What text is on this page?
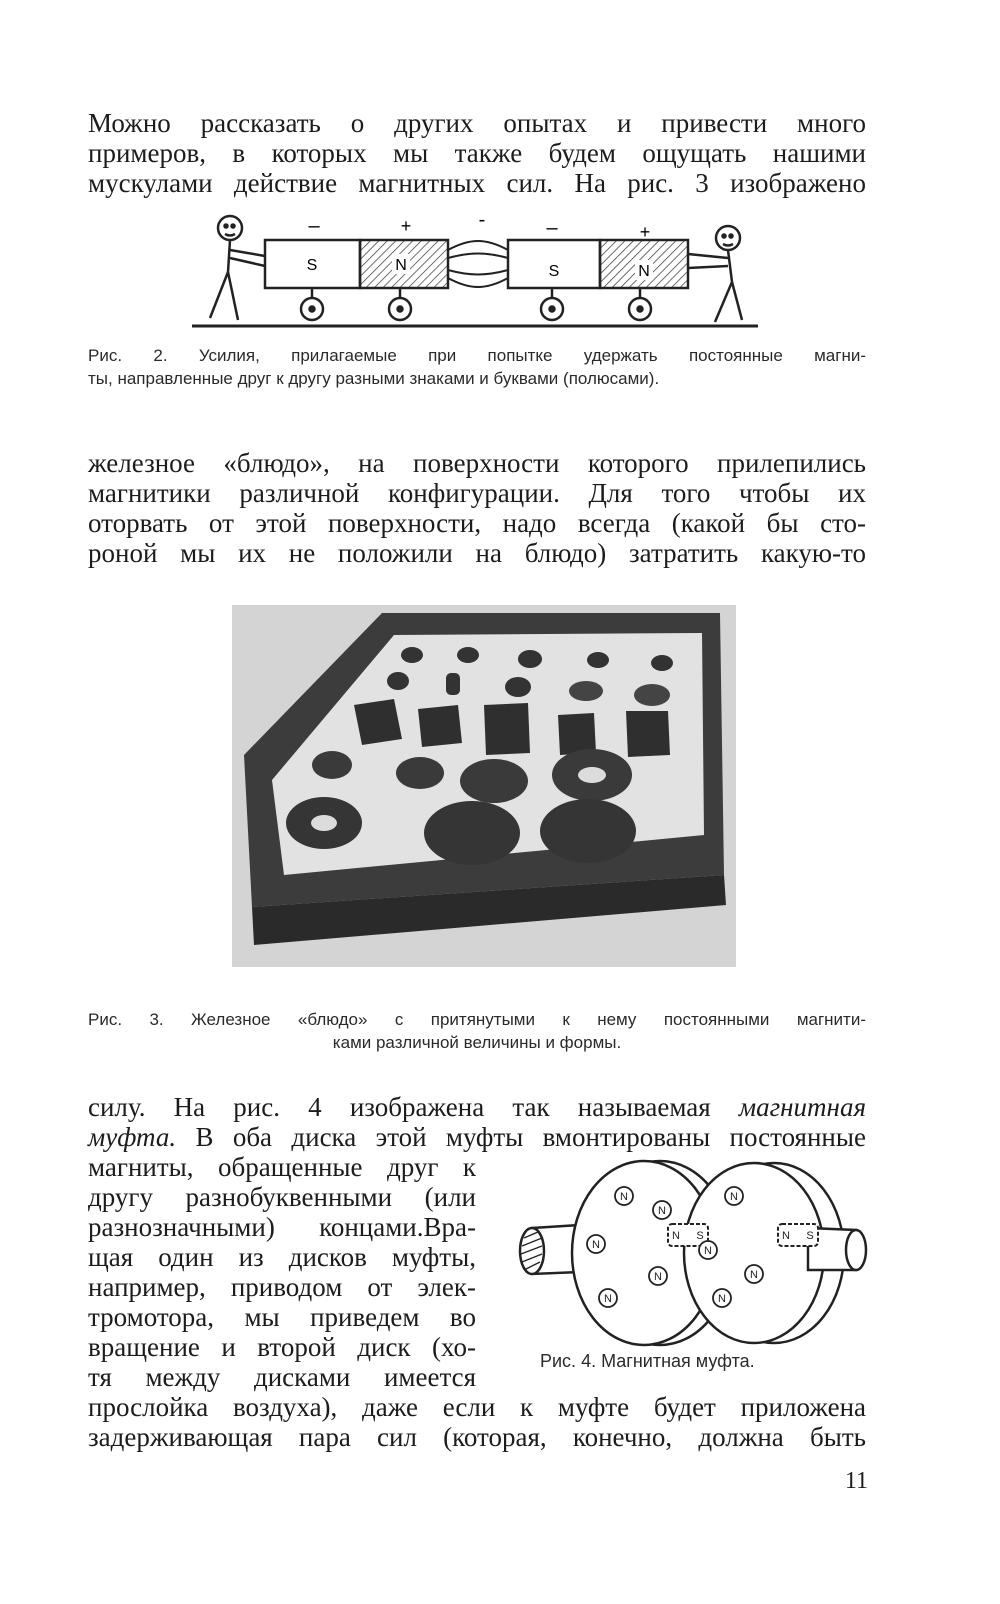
Можно рассказать о других опытах и привести много
примеров, в которых мы также будем ощущать нашими
мускулами действие магнитных сил. На рис. 3 изображено
–	+	-	–	+
S	N	S	N
Рис. 2. Усилия, прилагаемые при попытке удержать постоянные магни-
ты, направленные друг к другу разными знаками и буквами (полюсами).
железное «блюдо», на поверхности которого прилепились
магнитики различной конфигурации. Для того чтобы их
оторвать от этой поверхности, надо всегда (какой бы сто-
роной мы их не положили на блюдо) затратить какую-то
Рис. 3. Железное «блюдо» с притянутыми к нему постоянными магнити-
ками различной величины и формы.
силу. На рис. 4 изображена так называемая магнитная
муфта. В оба диска этой муфты вмонтированы постоянные
магниты, обращенные друг к
другу разнобуквенными (или
разнозначными) концами.Вра-
щая один из дисков муфты,
например, приводом от элек-
тромотора, мы приведем во
вращение и второй диск (хо-
тя между дисками имеется
N
N
N
N
N
N S
N
N
N
N
N S
Рис. 4. Магнитная муфта.
прослойка воздуха), даже если к муфте будет приложена
задерживающая пара сил (которая, конечно, должна быть
11
